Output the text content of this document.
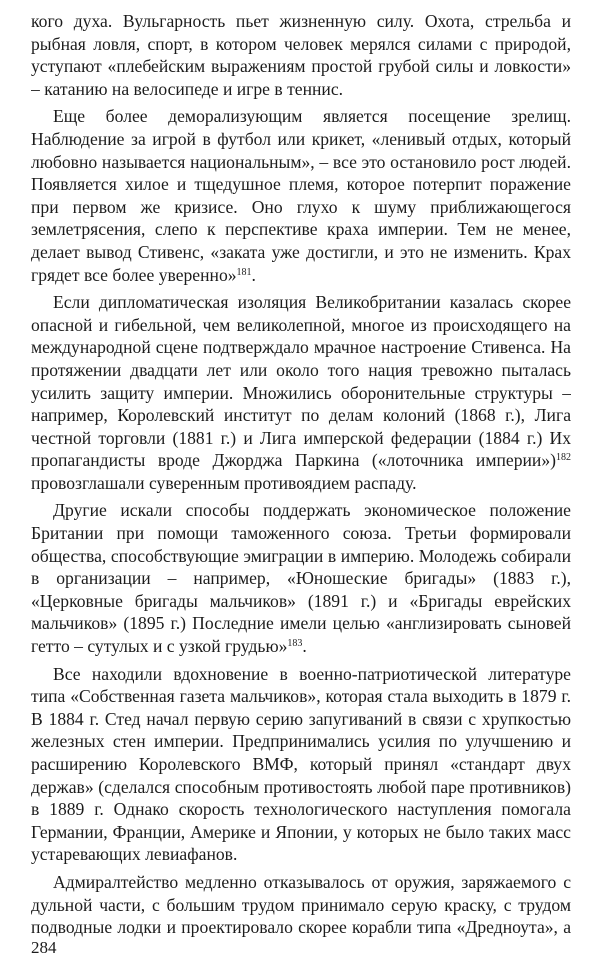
кого духа. Вульгарность пьет жизненную силу. Охота, стрельба и рыбная ловля, спорт, в котором человек мерялся силами с природой, уступают «плебейским выражениям простой грубой силы и ловкости» – катанию на велосипеде и игре в теннис.

Еще более деморализующим является посещение зрелищ. Наблюдение за игрой в футбол или крикет, «ленивый отдых, который любовно называется национальным», – все это остановило рост людей. Появляется хилое и тщедушное племя, которое потерпит поражение при первом же кризисе. Оно глухо к шуму приближающегося землетрясения, слепо к перспективе краха империи. Тем не менее, делает вывод Стивенс, «заката уже достигли, и это не изменить. Крах грядет все более уверенно»$^{181}$.

Если дипломатическая изоляция Великобритании казалась скорее опасной и гибельной, чем великолепной, многое из происходящего на международной сцене подтверждало мрачное настроение Стивенса. На протяжении двадцати лет или около того нация тревожно пыталась усилить защиту империи. Множились оборонительные структуры – например, Королевский институт по делам колоний (1868 г.), Лига честной торговли (1881 г.) и Лига имперской федерации (1884 г.) Их пропагандисты вроде Джорджа Паркина («лоточника империи»)$^{182}$ провозглашали суверенным противоядием распаду.

Другие искали способы поддержать экономическое положение Британии при помощи таможенного союза. Третьи формировали общества, способствующие эмиграции в империю. Молодежь собирали в организации – например, «Юношеские бригады» (1883 г.), «Церковные бригады мальчиков» (1891 г.) и «Бригады еврейских мальчиков» (1895 г.) Последние имели целью «англизировать сыновей гетто – сутулых и с узкой грудью»$^{183}$.

Все находили вдохновение в военно-патриотической литературе типа «Собственная газета мальчиков», которая стала выходить в 1879 г. В 1884 г. Стед начал первую серию запугиваний в связи с хрупкостью железных стен империи. Предпринимались усилия по улучшению и расширению Королевского ВМФ, который принял «стандарт двух держав» (сделался способным противостоять любой паре противников) в 1889 г. Однако скорость технологического наступления помогала Германии, Франции, Америке и Японии, у которых не было таких масс устаревающих левиафанов.

Адмиралтейство медленно отказывалось от оружия, заряжаемого с дульной части, с большим трудом принимало серую краску, с трудом подводные лодки и проектировало скорее корабли типа «Дредноута», а

284
